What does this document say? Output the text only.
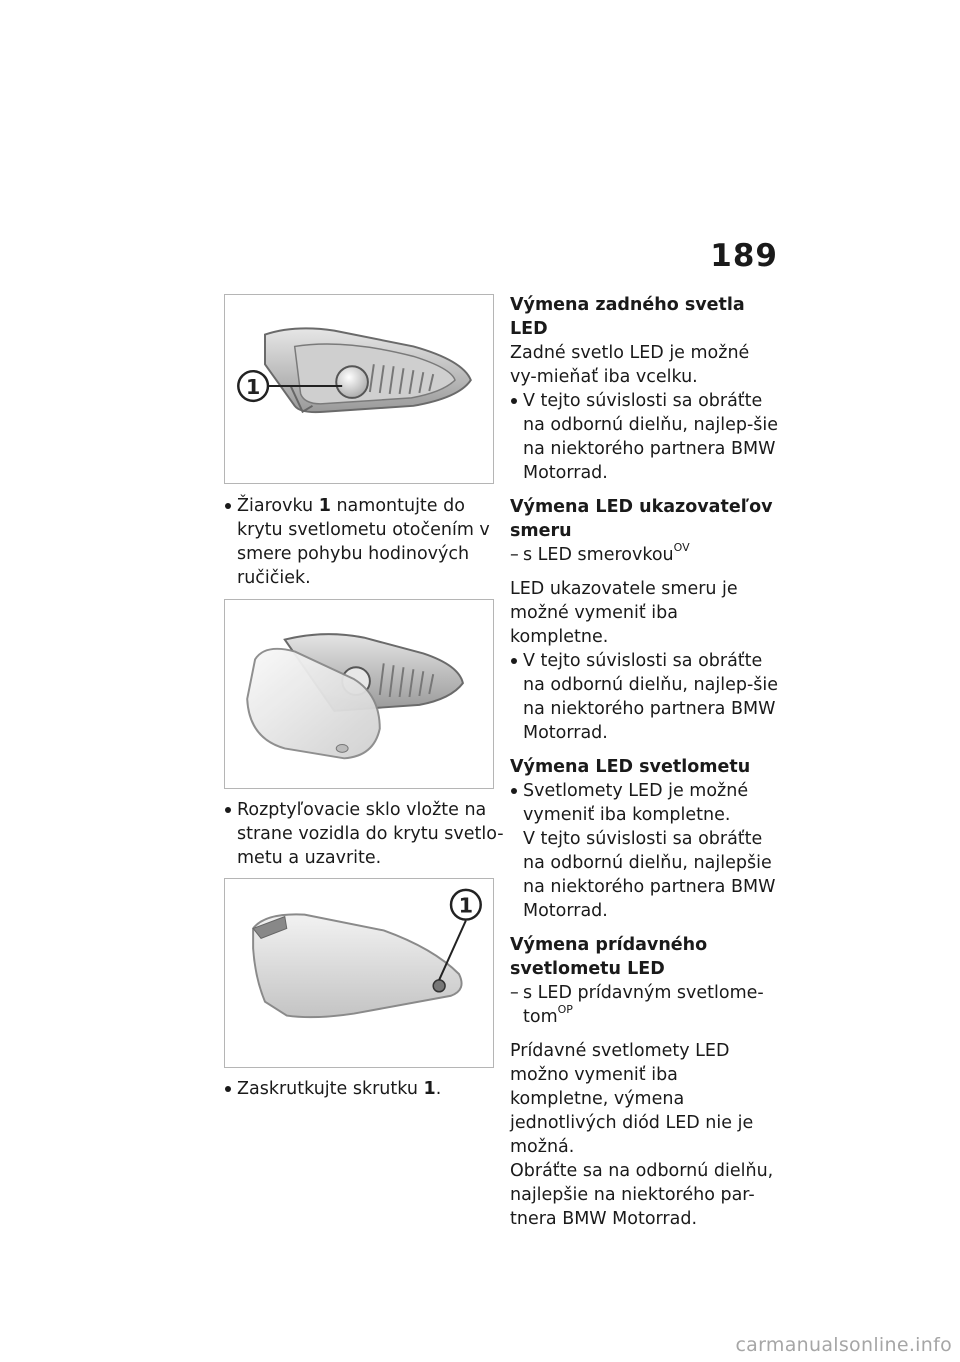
189
1
Žiarovku 1 namontujte do krytu svetlometu otočením v smere pohybu hodinových ručičiek.
Rozptyľovacie sklo vložte na strane vozidla do krytu svetlo-metu a uzavrite.
1
Zaskrutkujte skrutku 1.
Výmena zadného svetla LED
Zadné svetlo LED je možné vy-mieňať iba vcelku.
V tejto súvislosti sa obráťte na odbornú dielňu, najlep-šie na niektorého partnera BMW Motorrad.
Výmena LED ukazovateľov smeru
– s LED smerovkou$^{OV}$
LED ukazovatele smeru je možné vymeniť iba kompletne.
V tejto súvislosti sa obráťte na odbornú dielňu, najlep-šie na niektorého partnera BMW Motorrad.
Výmena LED svetlometu
Svetlomety LED je možné vymeniť iba kompletne.
V tejto súvislosti sa obráťte na odbornú dielňu, najlepšie na niektorého partnera BMW Motorrad.
Výmena prídavného svetlometu LED
– s LED prídavným svetlome-tom$^{OP}$
Prídavné svetlomety LED možno vymeniť iba kompletne, výmena jednotlivých diód LED nie je možná.
Obráťte sa na odbornú dielňu, najlepšie na niektorého par-tnera BMW Motorrad.
carmanualsonline.info
